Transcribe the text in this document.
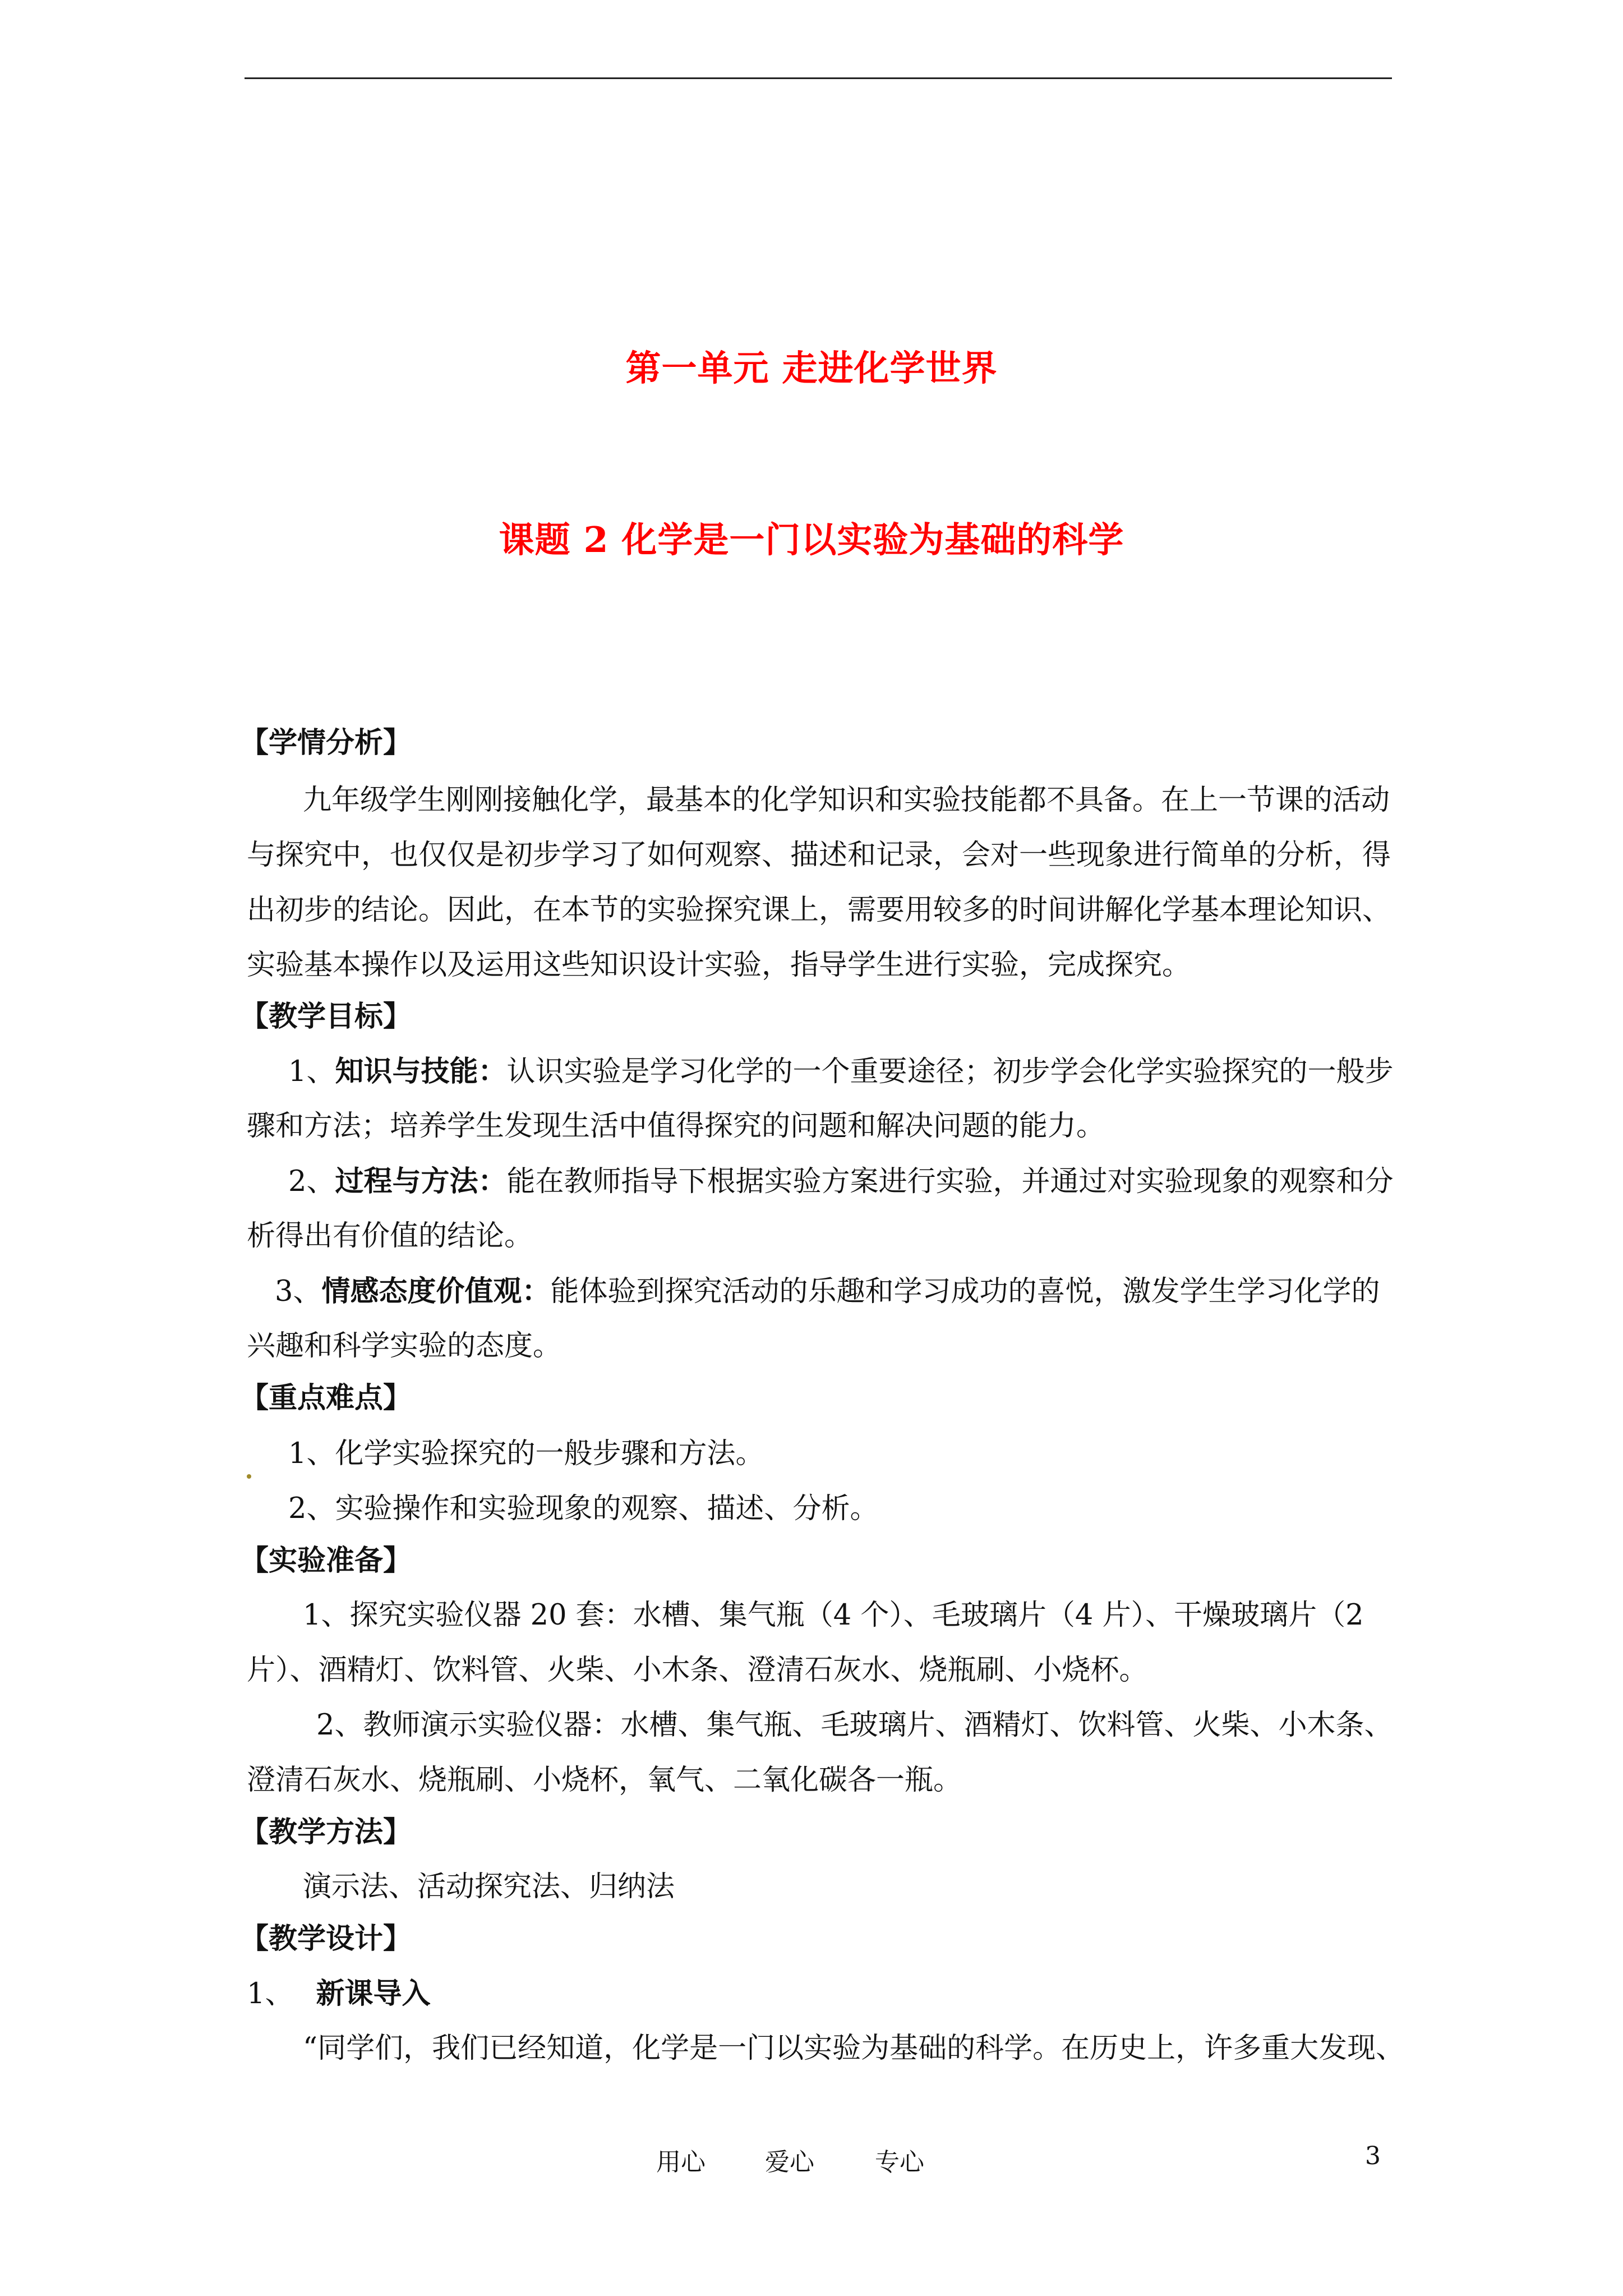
第一单元 走进化学世界
课题 2 化学是一门以实验为基础的科学
【学情分析】
九年级学生刚刚接触化学，最基本的化学知识和实验技能都不具备。在上一节课的活动
与探究中，也仅仅是初步学习了如何观察、描述和记录，会对一些现象进行简单的分析，得
出初步的结论。因此，在本节的实验探究课上，需要用较多的时间讲解化学基本理论知识、
实验基本操作以及运用这些知识设计实验，指导学生进行实验，完成探究。
【教学目标】
1、知识与技能：认识实验是学习化学的一个重要途径；初步学会化学实验探究的一般步
骤和方法；培养学生发现生活中值得探究的问题和解决问题的能力。
2、过程与方法：能在教师指导下根据实验方案进行实验，并通过对实验现象的观察和分
析得出有价值的结论。
3、情感态度价值观：能体验到探究活动的乐趣和学习成功的喜悦，激发学生学习化学的
兴趣和科学实验的态度。
【重点难点】
1、化学实验探究的一般步骤和方法。
2、实验操作和实验现象的观察、描述、分析。
【实验准备】
1、探究实验仪器 20 套：水槽、集气瓶（4 个）、毛玻璃片（4 片）、干燥玻璃片（2
片）、酒精灯、饮料管、火柴、小木条、澄清石灰水、烧瓶刷、小烧杯。
2、教师演示实验仪器：水槽、集气瓶、毛玻璃片、酒精灯、饮料管、火柴、小木条、
澄清石灰水、烧瓶刷、小烧杯，氧气、二氧化碳各一瓶。
【教学方法】
演示法、活动探究法、归纳法
【教学设计】
1、 新课导入
“同学们，我们已经知道，化学是一门以实验为基础的科学。在历史上，许多重大发现、
用心 爱心 专心	3
